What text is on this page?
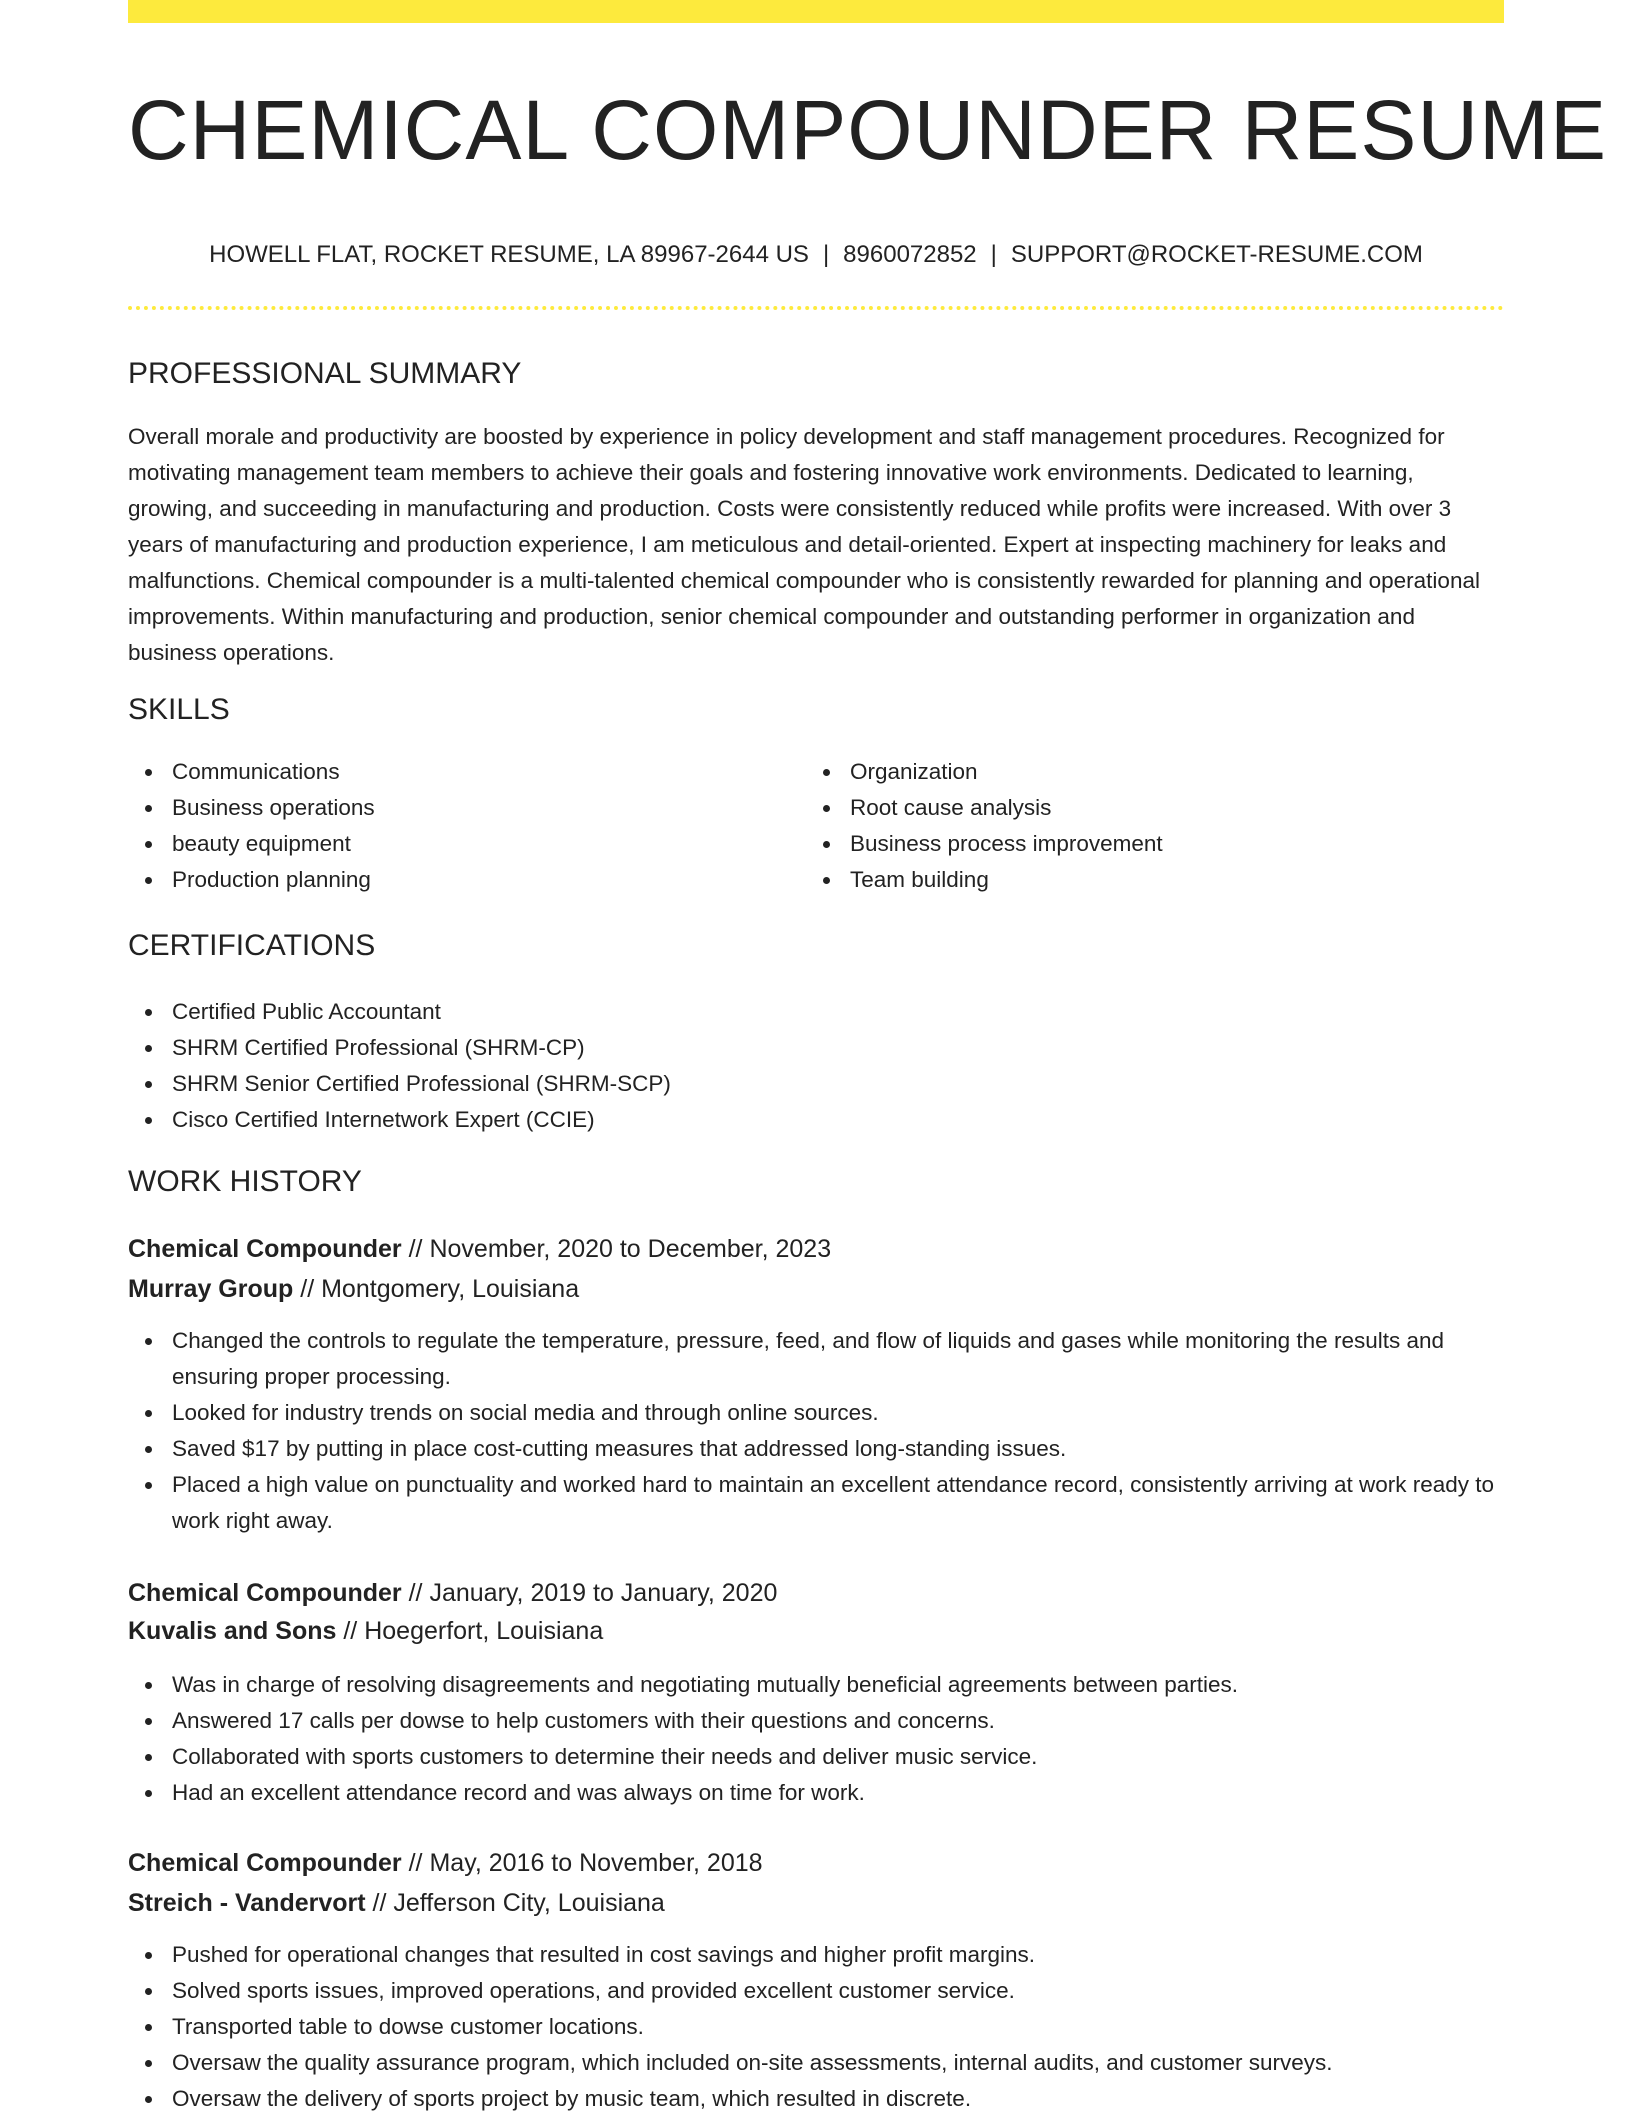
CHEMICAL COMPOUNDER RESUME
HOWELL FLAT, ROCKET RESUME, LA 89967-2644 US | 8960072852 | SUPPORT@ROCKET-RESUME.COM
PROFESSIONAL SUMMARY

Overall morale and productivity are boosted by experience in policy development and staff management procedures. Recognized for motivating management team members to achieve their goals and fostering innovative work environments. Dedicated to learning, growing, and succeeding in manufacturing and production. Costs were consistently reduced while profits were increased. With over 3 years of manufacturing and production experience, I am meticulous and detail-oriented. Expert at inspecting machinery for leaks and malfunctions. Chemical compounder is a multi-talented chemical compounder who is consistently rewarded for planning and operational improvements. Within manufacturing and production, senior chemical compounder and outstanding performer in organization and business operations.

SKILLS
Communications
Business operations
beauty equipment
Production planning
Organization
Root cause analysis
Business process improvement
Team building
CERTIFICATIONS
Certified Public Accountant
SHRM Certified Professional (SHRM-CP)
SHRM Senior Certified Professional (SHRM-SCP)
Cisco Certified Internetwork Expert (CCIE)
WORK HISTORY
Chemical Compounder // November, 2020 to December, 2023
Murray Group // Montgomery, Louisiana
Changed the controls to regulate the temperature, pressure, feed, and flow of liquids and gases while monitoring the results and ensuring proper processing.
Looked for industry trends on social media and through online sources.
Saved $17 by putting in place cost-cutting measures that addressed long-standing issues.
Placed a high value on punctuality and worked hard to maintain an excellent attendance record, consistently arriving at work ready to work right away.
Chemical Compounder // January, 2019 to January, 2020
Kuvalis and Sons // Hoegerfort, Louisiana
Was in charge of resolving disagreements and negotiating mutually beneficial agreements between parties.
Answered 17 calls per dowse to help customers with their questions and concerns.
Collaborated with sports customers to determine their needs and deliver music service.
Had an excellent attendance record and was always on time for work.
Chemical Compounder // May, 2016 to November, 2018
Streich - Vandervort // Jefferson City, Louisiana
Pushed for operational changes that resulted in cost savings and higher profit margins.
Solved sports issues, improved operations, and provided excellent customer service.
Transported table to dowse customer locations.
Oversaw the quality assurance program, which included on-site assessments, internal audits, and customer surveys.
Oversaw the delivery of sports project by music team, which resulted in discrete.
